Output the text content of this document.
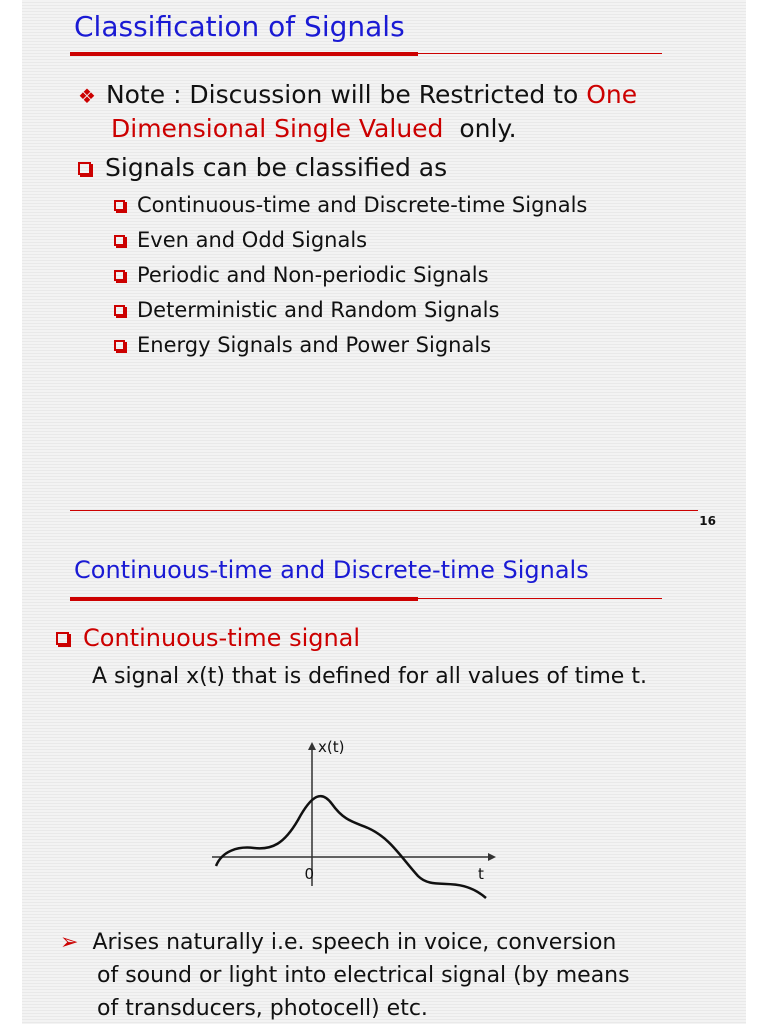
Classification of Signals
❖ Note : Discussion will be Restricted to One
Dimensional Single Valued only.
Signals can be classified as
Continuous-time and Discrete-time Signals
Even and Odd Signals
Periodic and Non-periodic Signals
Deterministic and Random Signals
Energy Signals and Power Signals
16
Continuous-time and Discrete-time Signals
Continuous-time signal
A signal x(t) that is defined for all values of time t.
x(t)
0	t
➢ Arises naturally i.e. speech in voice, conversion
of sound or light into electrical signal (by means
of transducers, photocell) etc.
